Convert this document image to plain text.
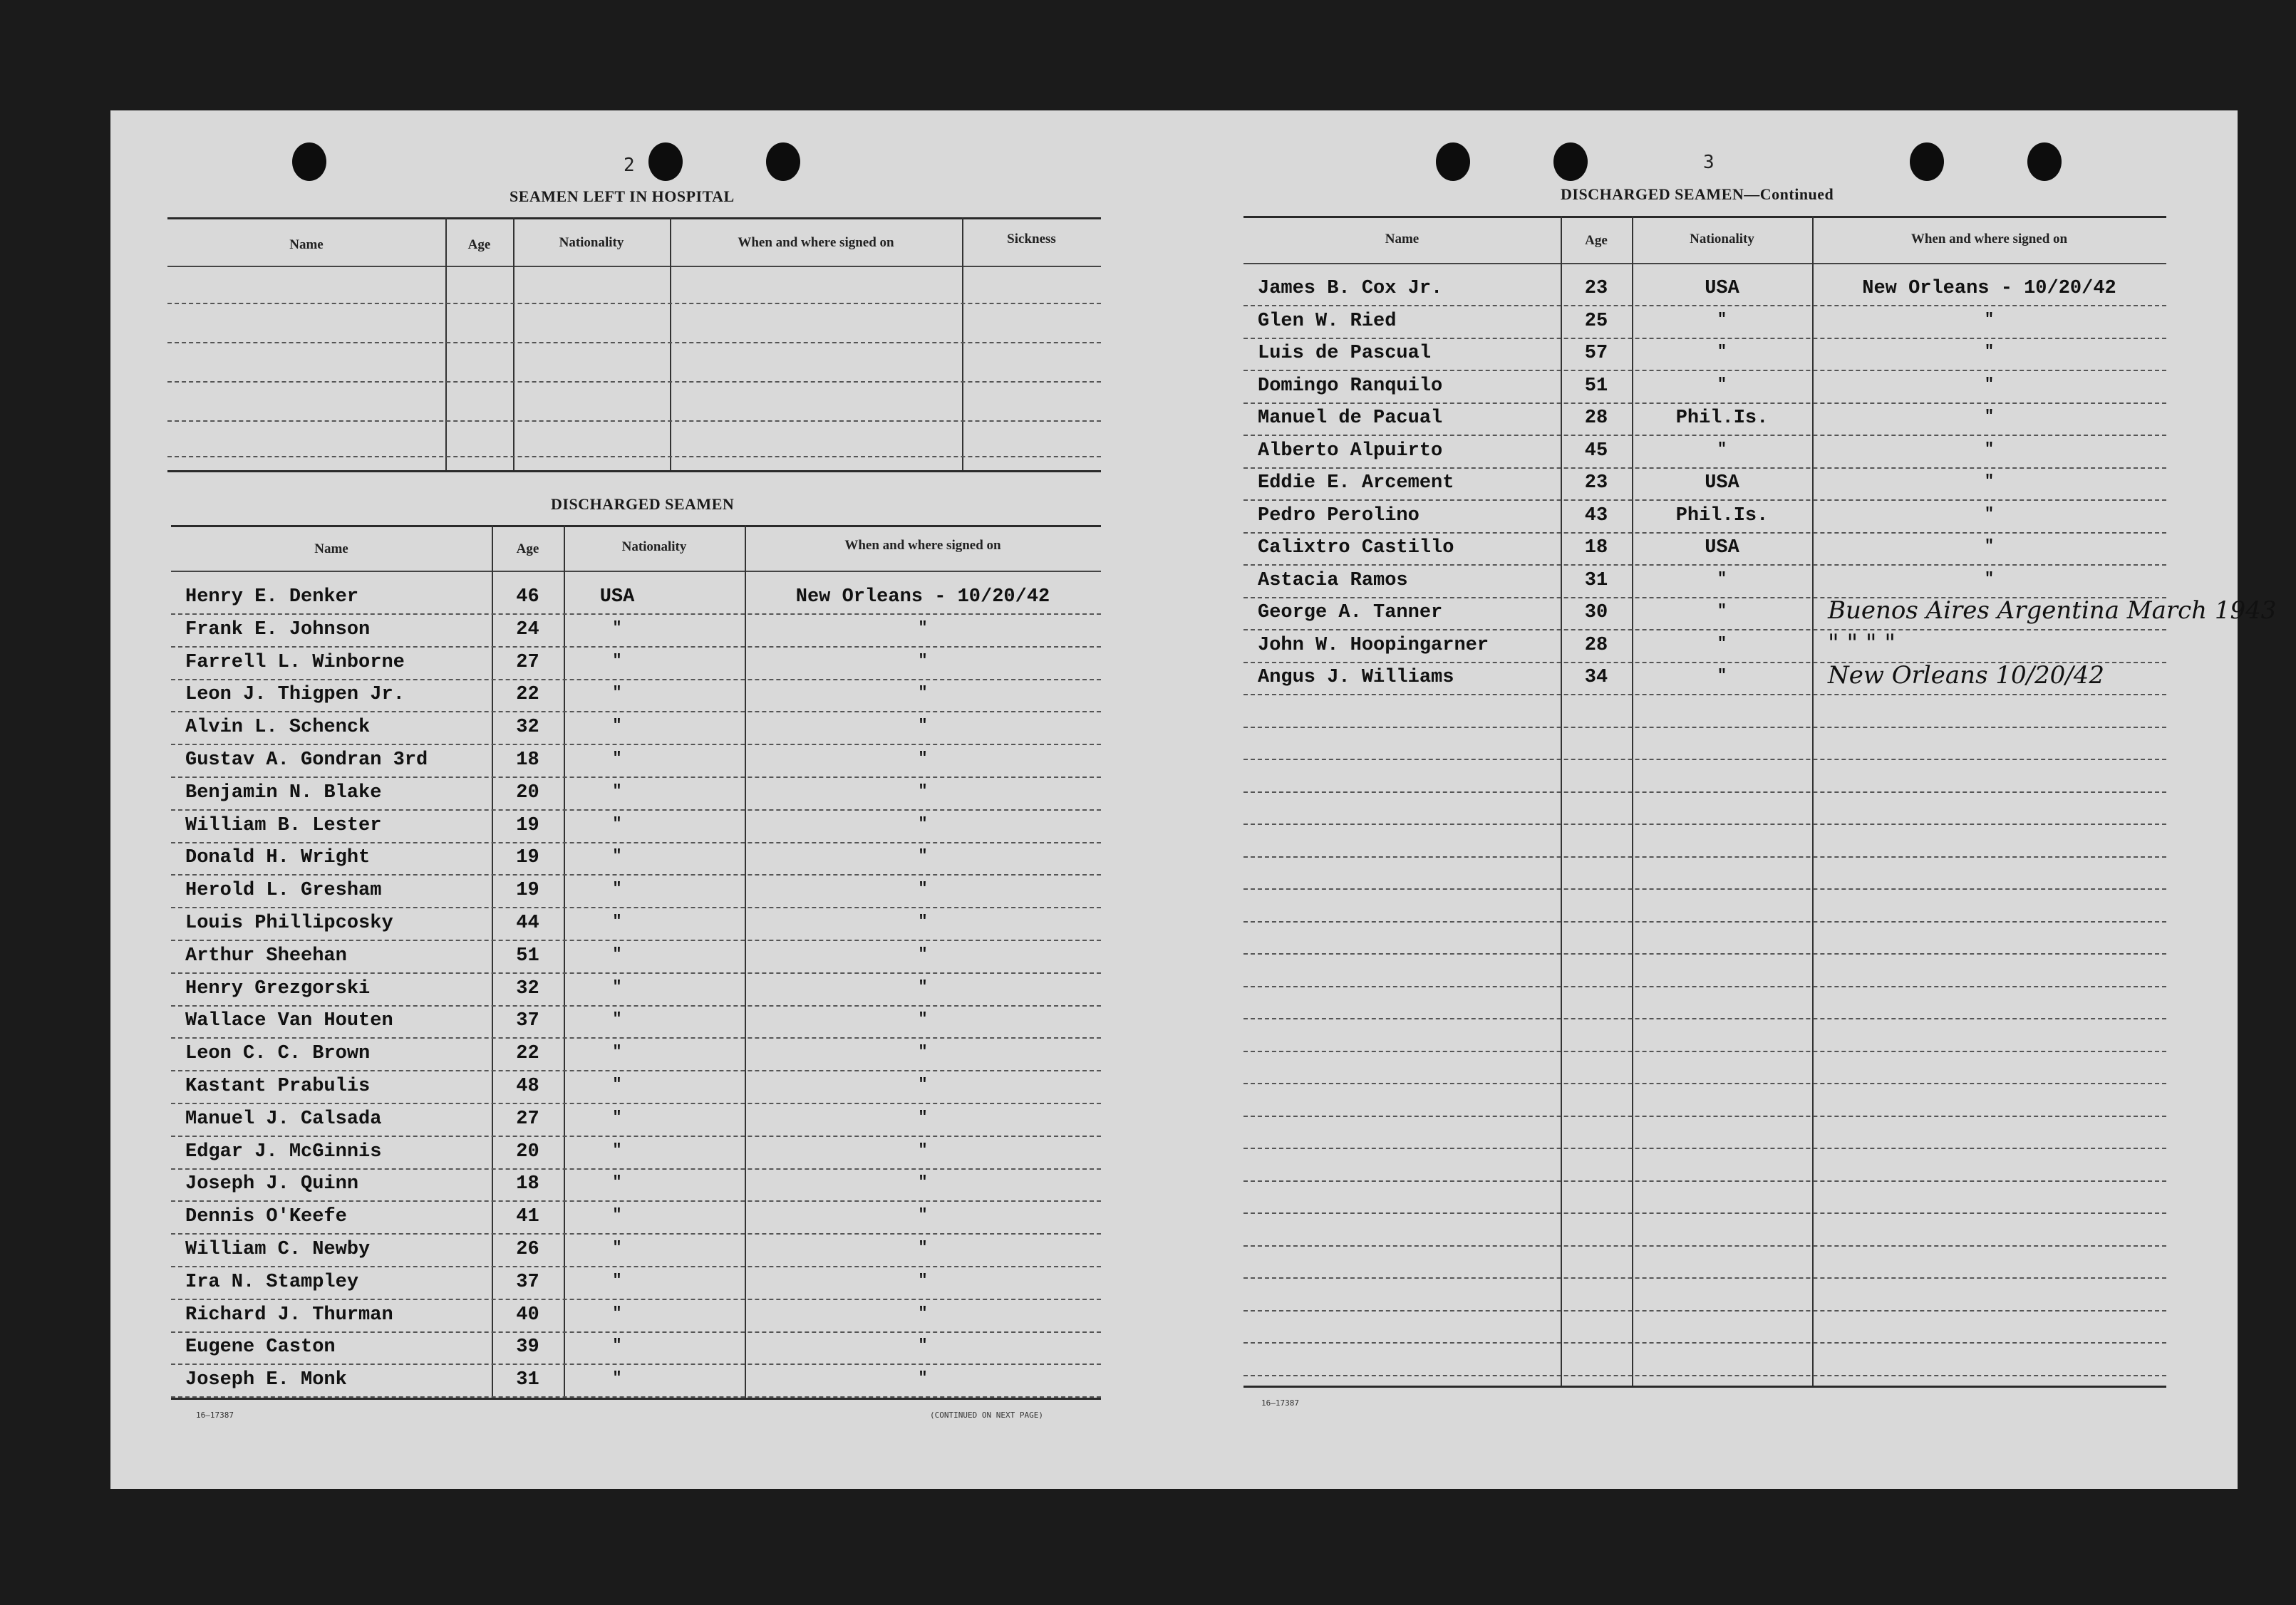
2
SEAMEN LEFT IN HOSPITAL
Name	Age	Nationality	When and where signed on	Sickness
DISCHARGED SEAMEN
Name	Age	Nationality	When and where signed on
Henry E. Denker	46	USA	New Orleans - 10/20/42
Frank E. Johnson	24	"	"
Farrell L. Winborne	27	"	"
Leon J. Thigpen Jr.	22	"	"
Alvin L. Schenck	32	"	"
Gustav A. Gondran 3rd	18	"	"
Benjamin N. Blake	20	"	"
William B. Lester	19	"	"
Donald H. Wright	19	"	"
Herold L. Gresham	19	"	"
Louis Phillipcosky	44	"	"
Arthur Sheehan	51	"	"
Henry Grezgorski	32	"	"
Wallace Van Houten	37	"	"
Leon C. C. Brown	22	"	"
Kastant Prabulis	48	"	"
Manuel J. Calsada	27	"	"
Edgar J. McGinnis	20	"	"
Joseph J. Quinn	18	"	"
Dennis O'Keefe	41	"	"
William C. Newby	26	"	"
Ira N. Stampley	37	"	"
Richard J. Thurman	40	"	"
Eugene Caston	39	"	"
Joseph E. Monk	31	"	"
16—17387	(CONTINUED ON NEXT PAGE)
3
DISCHARGED SEAMEN—Continued
Name	Age	Nationality	When and where signed on
James B. Cox Jr.	23	USA	New Orleans - 10/20/42
Glen W. Ried	25	"	"
Luis de Pascual	57	"	"
Domingo Ranquilo	51	"	"
Manuel de Pacual	28	Phil.Is.	"
Alberto Alpuirto	45	"	"
Eddie E. Arcement	23	USA	"
Pedro Perolino	43	Phil.Is.	"
Calixtro Castillo	18	USA	"
Astacia Ramos	31	"	"
George A. Tanner	30	"	Buenos Aires Argentina March 1943
John W. Hoopingarner	28	"	" " " "
Angus J. Williams	34	"	New Orleans 10/20/42
16—17387
